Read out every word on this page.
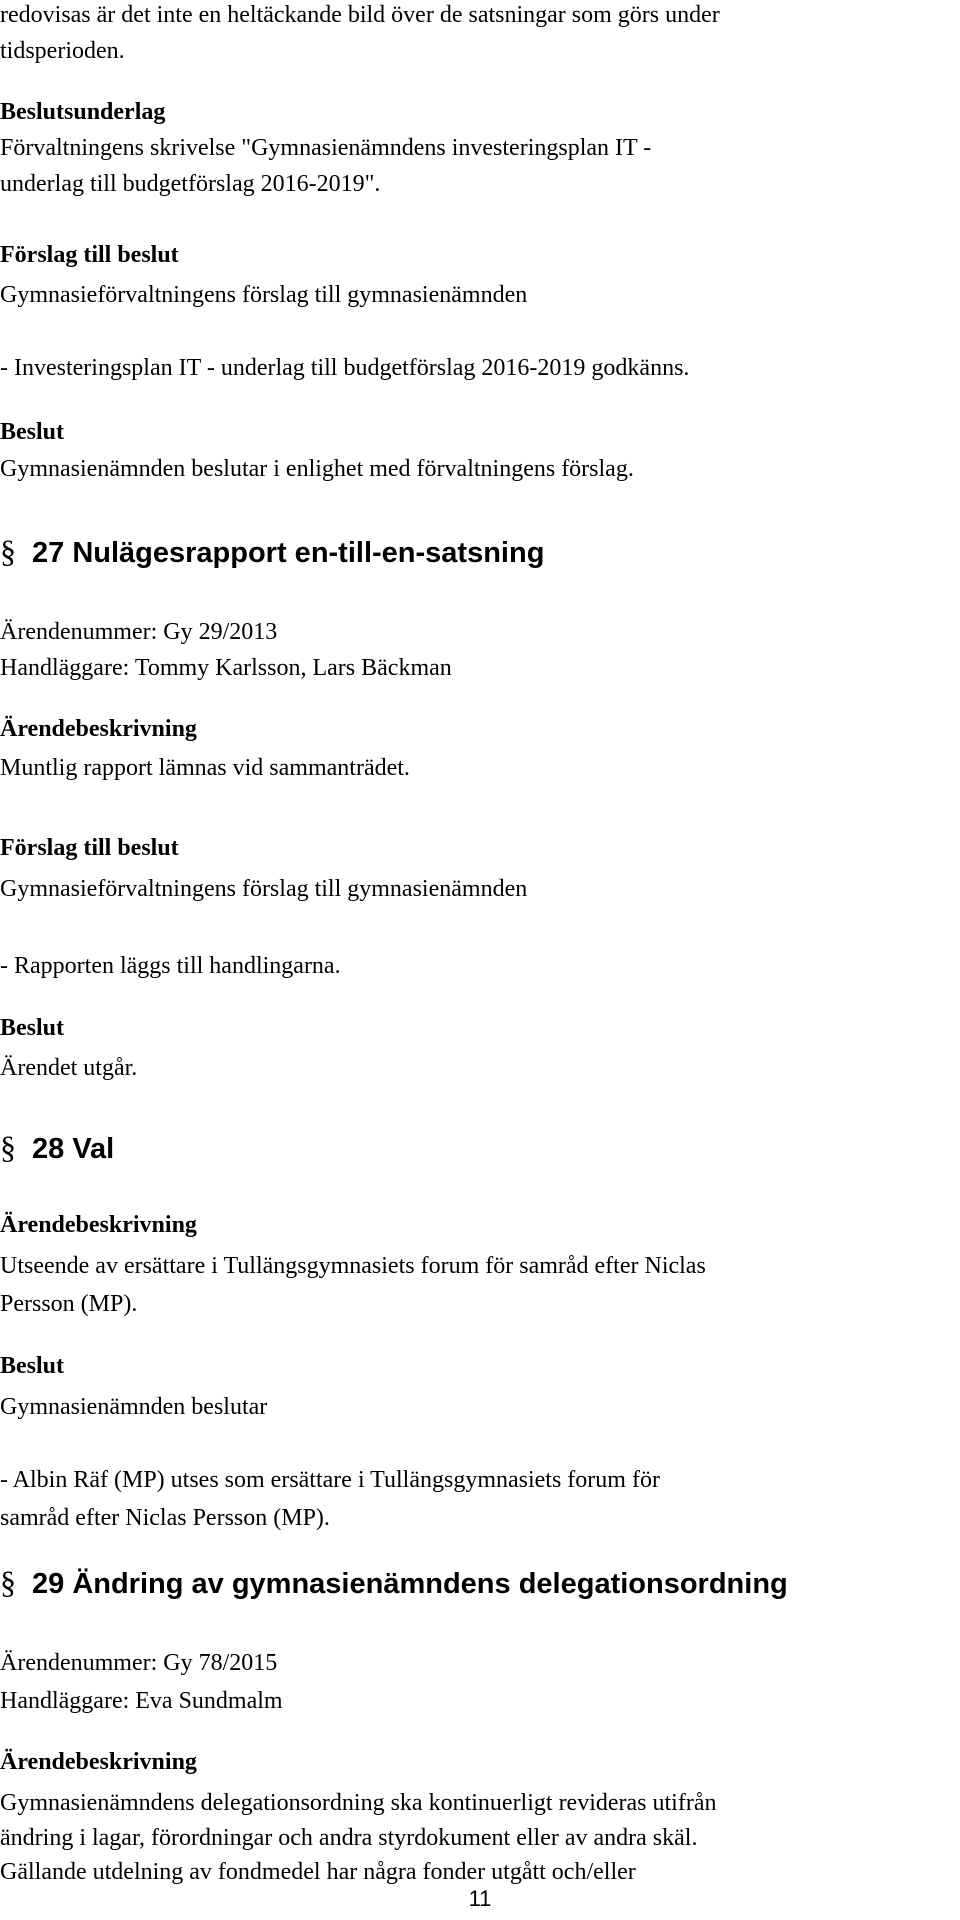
redovisas är det inte en heltäckande bild över de satsningar som görs under

tidsperioden.

Beslutsunderlag

Förvaltningens skrivelse "Gymnasienämndens investeringsplan IT -

underlag till budgetförslag 2016-2019".

Förslag till beslut

Gymnasieförvaltningens förslag till gymnasienämnden

- Investeringsplan IT - underlag till budgetförslag 2016-2019 godkänns.

Beslut

Gymnasienämnden beslutar i enlighet med förvaltningens förslag.

§ 27 Nulägesrapport en-till-en-satsning

Ärendenummer: Gy 29/2013

Handläggare: Tommy Karlsson, Lars Bäckman

Ärendebeskrivning

Muntlig rapport lämnas vid sammanträdet.

Förslag till beslut

Gymnasieförvaltningens förslag till gymnasienämnden

- Rapporten läggs till handlingarna.

Beslut

Ärendet utgår.

§ 28 Val

Ärendebeskrivning

Utseende av ersättare i Tullängsgymnasiets forum för samråd efter Niclas

Persson (MP).

Beslut

Gymnasienämnden beslutar

- Albin Räf (MP) utses som ersättare i Tullängsgymnasiets forum för

samråd efter Niclas Persson (MP).

§ 29 Ändring av gymnasienämndens delegationsordning

Ärendenummer: Gy 78/2015

Handläggare: Eva Sundmalm

Ärendebeskrivning

Gymnasienämndens delegationsordning ska kontinuerligt revideras utifrån

ändring i lagar, förordningar och andra styrdokument eller av andra skäl.

Gällande utdelning av fondmedel har några fonder utgått och/eller

11
